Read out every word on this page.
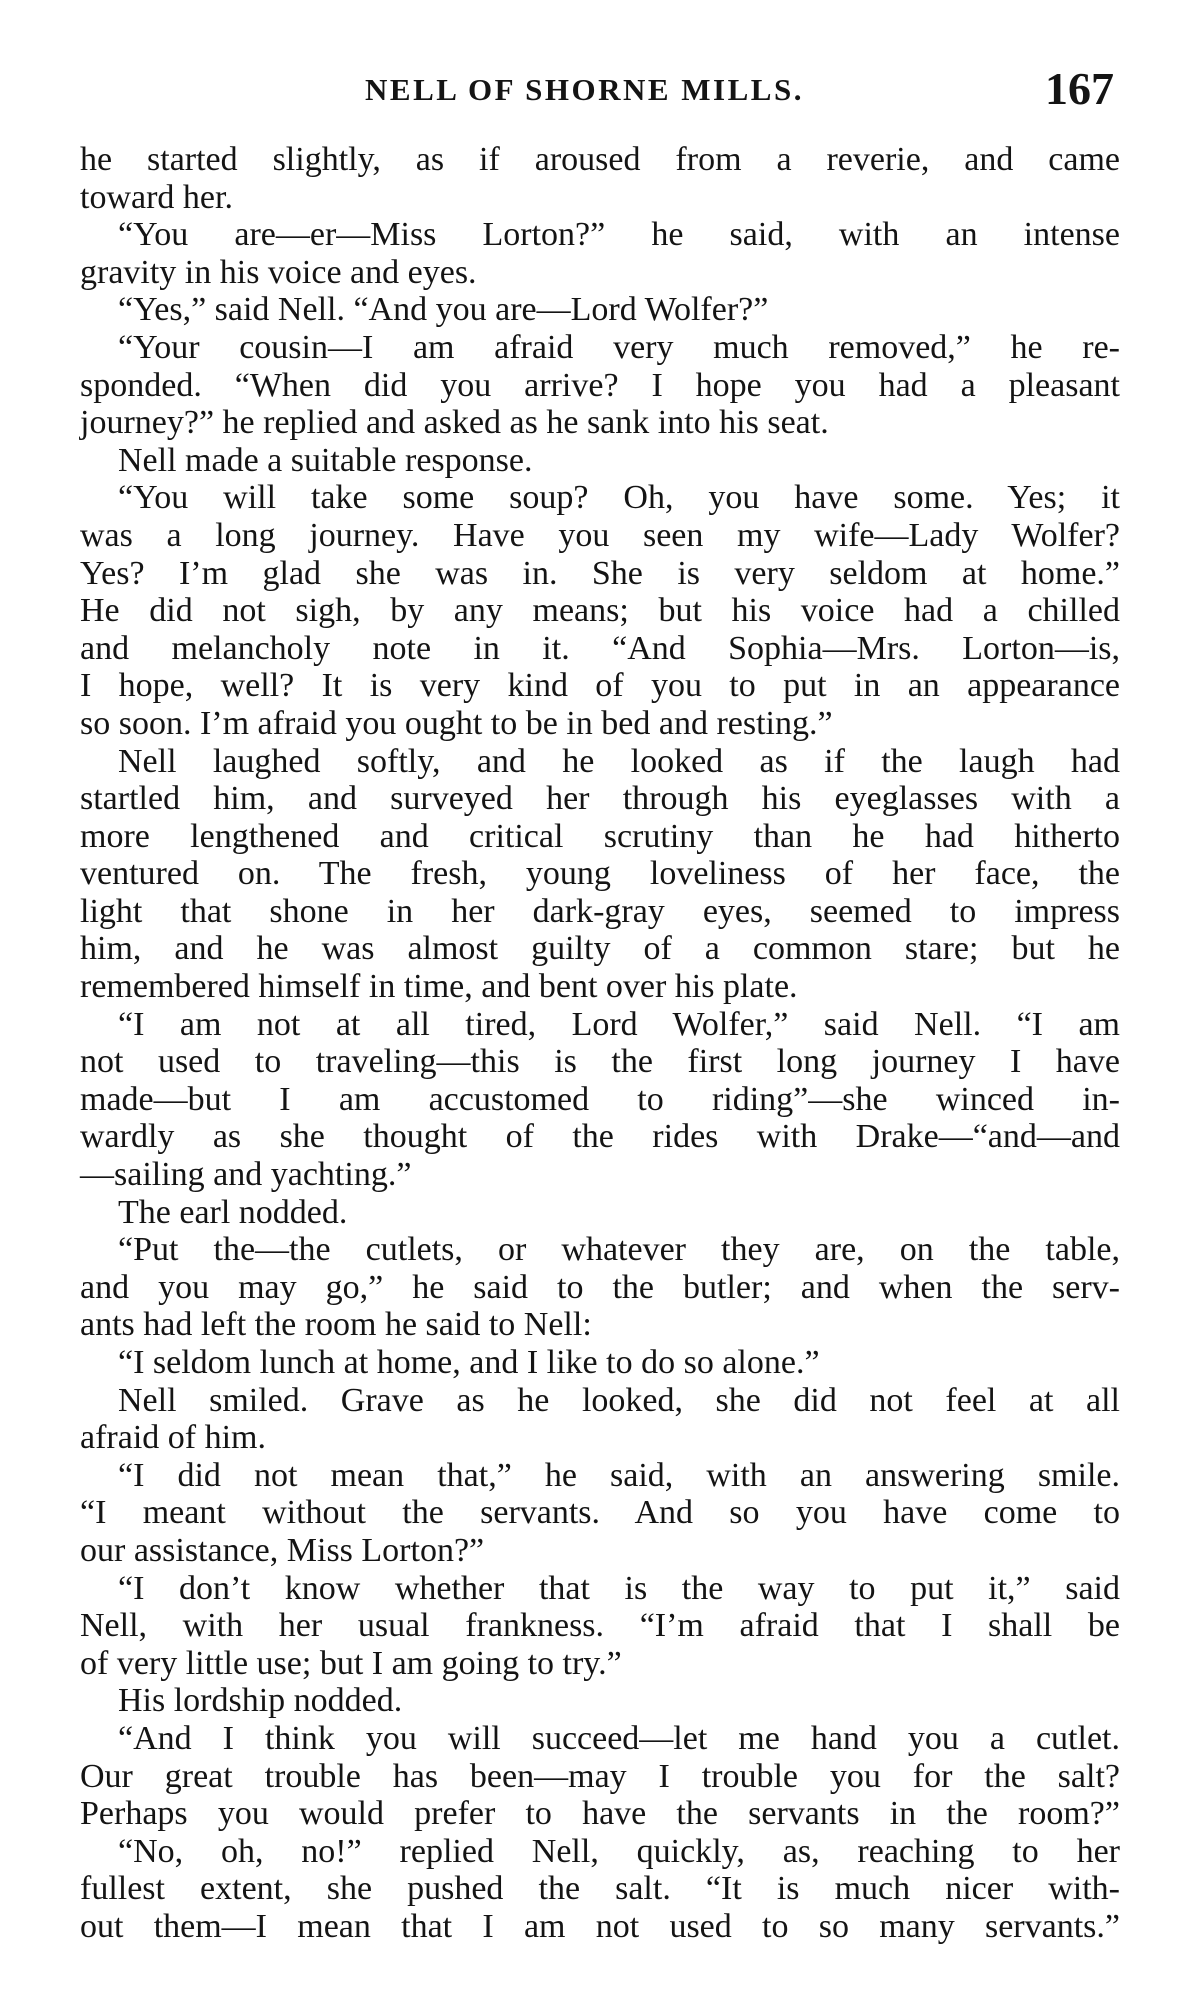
NELL OF SHORNE MILLS.	167
he started slightly, as if aroused from a reverie, and came
toward her.
“You are—er—Miss Lorton?” he said, with an intense
gravity in his voice and eyes.
“Yes,” said Nell. “And you are—Lord Wolfer?”
“Your cousin—I am afraid very much removed,” he re-
sponded. “When did you arrive? I hope you had a pleasant
journey?” he replied and asked as he sank into his seat.
Nell made a suitable response.
“You will take some soup? Oh, you have some. Yes; it
was a long journey. Have you seen my wife—Lady Wolfer?
Yes? I’m glad she was in. She is very seldom at home.”
He did not sigh, by any means; but his voice had a chilled
and melancholy note in it. “And Sophia—Mrs. Lorton—is,
I hope, well? It is very kind of you to put in an appearance
so soon. I’m afraid you ought to be in bed and resting.”
Nell laughed softly, and he looked as if the laugh had
startled him, and surveyed her through his eyeglasses with a
more lengthened and critical scrutiny than he had hitherto
ventured on. The fresh, young loveliness of her face, the
light that shone in her dark-gray eyes, seemed to impress
him, and he was almost guilty of a common stare; but he
remembered himself in time, and bent over his plate.
“I am not at all tired, Lord Wolfer,” said Nell. “I am
not used to traveling—this is the first long journey I have
made—but I am accustomed to riding”—she winced in-
wardly as she thought of the rides with Drake—“and—and
—sailing and yachting.”
The earl nodded.
“Put the—the cutlets, or whatever they are, on the table,
and you may go,” he said to the butler; and when the serv-
ants had left the room he said to Nell:
“I seldom lunch at home, and I like to do so alone.”
Nell smiled. Grave as he looked, she did not feel at all
afraid of him.
“I did not mean that,” he said, with an answering smile.
“I meant without the servants. And so you have come to
our assistance, Miss Lorton?”
“I don’t know whether that is the way to put it,” said
Nell, with her usual frankness. “I’m afraid that I shall be
of very little use; but I am going to try.”
His lordship nodded.
“And I think you will succeed—let me hand you a cutlet.
Our great trouble has been—may I trouble you for the salt?
Perhaps you would prefer to have the servants in the room?”
“No, oh, no!” replied Nell, quickly, as, reaching to her
fullest extent, she pushed the salt. “It is much nicer with-
out them—I mean that I am not used to so many servants.”
